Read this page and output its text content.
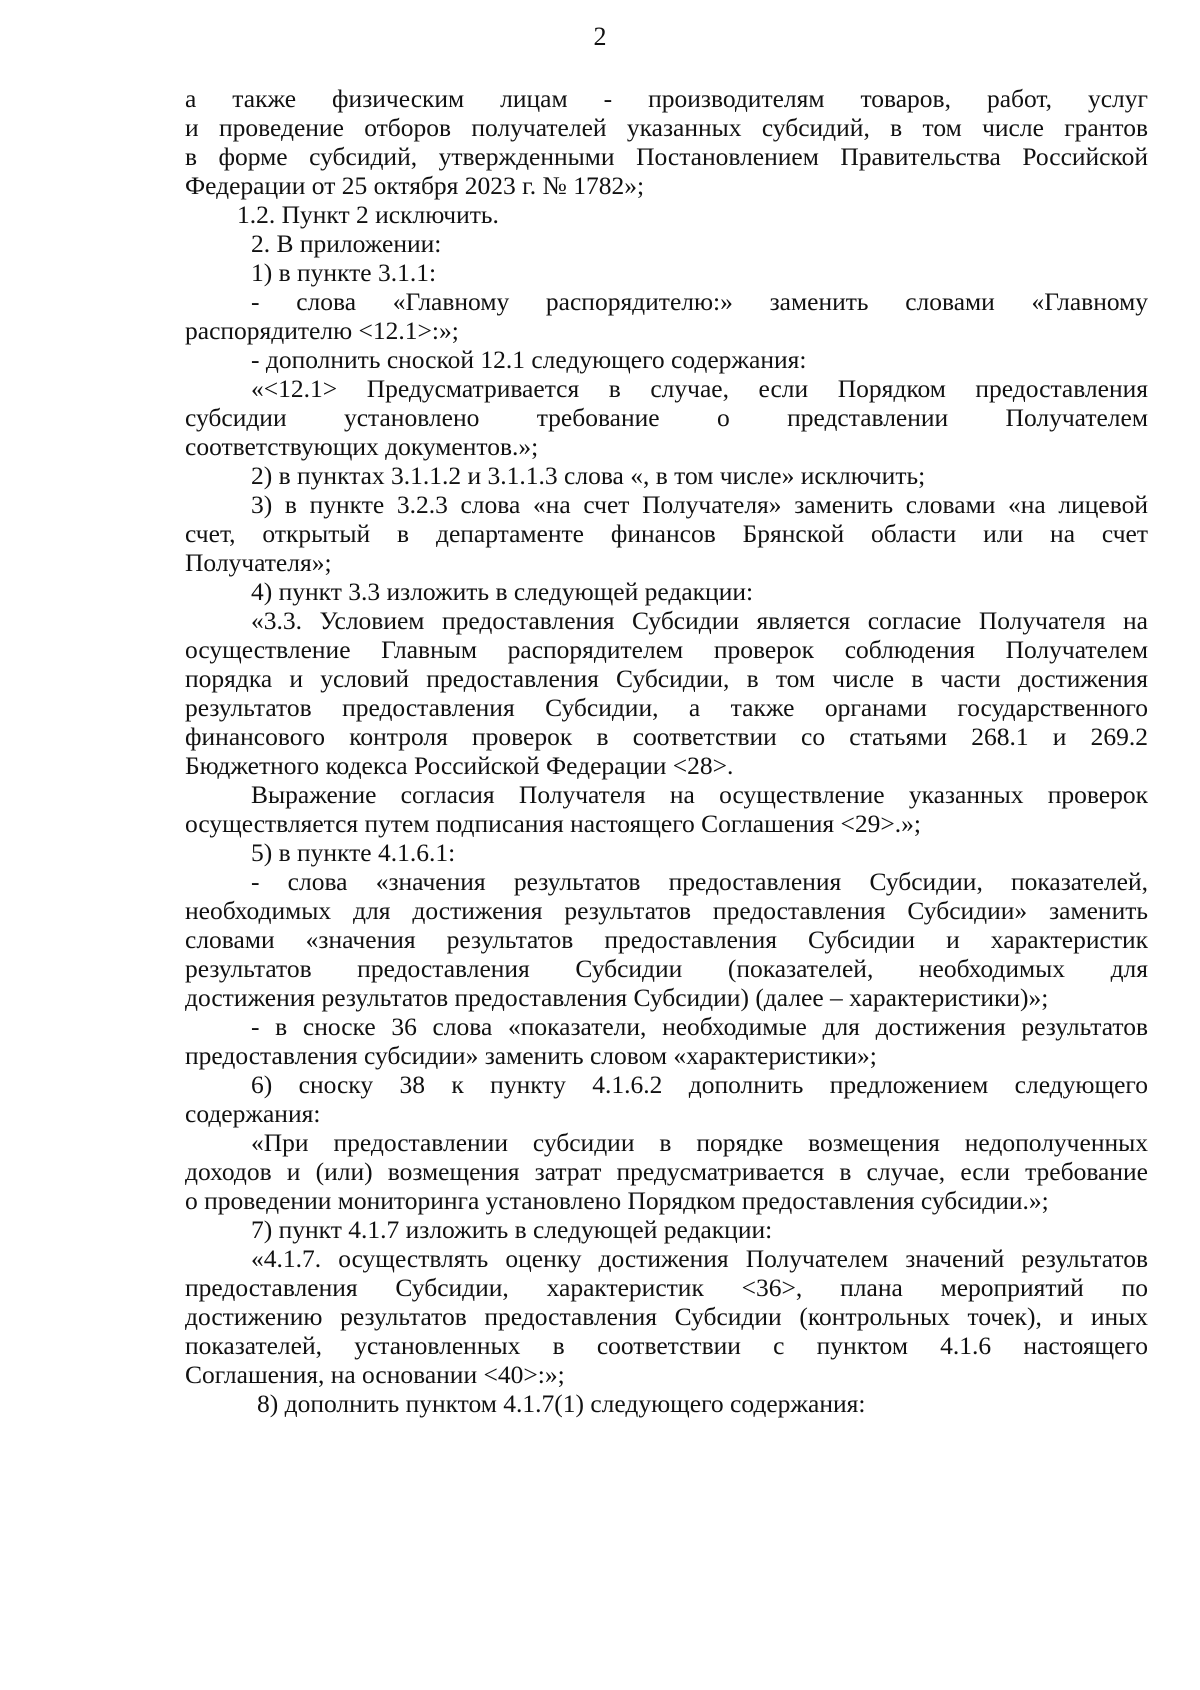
2
а также физическим лицам - производителям товаров, работ, услуг
и проведение отборов получателей указанных субсидий, в том числе грантов
в форме субсидий, утвержденными Постановлением Правительства Российской
Федерации от 25 октября 2023 г. № 1782»;
1.2. Пункт 2 исключить.
2. В приложении:
1) в пункте 3.1.1:
- слова «Главному распорядителю:» заменить словами «Главному
распорядителю <12.1>:»;
- дополнить сноской 12.1 следующего содержания:
«<12.1> Предусматривается в случае, если Порядком предоставления
субсидии установлено требование о представлении Получателем
соответствующих документов.»;
2) в пунктах 3.1.1.2 и 3.1.1.3 слова «, в том числе» исключить;
3) в пункте 3.2.3 слова «на счет Получателя» заменить словами «на лицевой
счет, открытый в департаменте финансов Брянской области или на счет
Получателя»;
4) пункт 3.3 изложить в следующей редакции:
«3.3. Условием предоставления Субсидии является согласие Получателя на
осуществление Главным распорядителем проверок соблюдения Получателем
порядка и условий предоставления Субсидии, в том числе в части достижения
результатов предоставления Субсидии, а также органами государственного
финансового контроля проверок в соответствии со статьями 268.1 и 269.2
Бюджетного кодекса Российской Федерации <28>.
Выражение согласия Получателя на осуществление указанных проверок
осуществляется путем подписания настоящего Соглашения <29>.»;
5) в пункте 4.1.6.1:
- слова «значения результатов предоставления Субсидии, показателей,
необходимых для достижения результатов предоставления Субсидии» заменить
словами «значения результатов предоставления Субсидии и характеристик
результатов предоставления Субсидии (показателей, необходимых для
достижения результатов предоставления Субсидии) (далее – характеристики)»;
- в сноске 36 слова «показатели, необходимые для достижения результатов
предоставления субсидии» заменить словом «характеристики»;
6) сноску 38 к пункту 4.1.6.2 дополнить предложением следующего
содержания:
«При предоставлении субсидии в порядке возмещения недополученных
доходов и (или) возмещения затрат предусматривается в случае, если требование
о проведении мониторинга установлено Порядком предоставления субсидии.»;
7) пункт 4.1.7 изложить в следующей редакции:
«4.1.7. осуществлять оценку достижения Получателем значений результатов
предоставления Субсидии, характеристик <36>, плана мероприятий по
достижению результатов предоставления Субсидии (контрольных точек), и иных
показателей, установленных в соответствии с пунктом 4.1.6 настоящего
Соглашения, на основании <40>:»;
8) дополнить пунктом 4.1.7(1) следующего содержания:
